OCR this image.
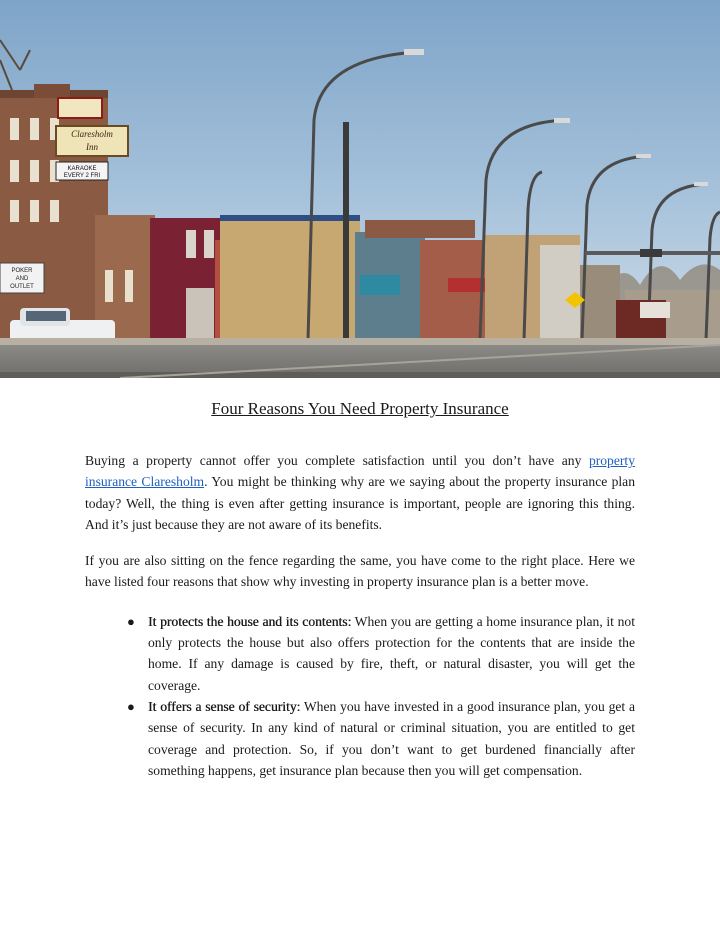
Claresholm
Inn
KARAOKE
EVERY 2 FRI
POKER
AND
OUTLET
Four Reasons You Need Property Insurance

Buying a property cannot offer you complete satisfaction until you don’t have any property insurance Claresholm. You might be thinking why are we saying about the property insurance plan today? Well, the thing is even after getting insurance is important, people are ignoring this thing. And it’s just because they are not aware of its benefits.

If you are also sitting on the fence regarding the same, you have come to the right place. Here we have listed four reasons that show why investing in property insurance plan is a better move.

● It protects the house and its contents: When you are getting a home insurance plan, it not only protects the house but also offers protection for the contents that are inside the home. If any damage is caused by fire, theft, or natural disaster, you will get the coverage.
● It offers a sense of security: When you have invested in a good insurance plan, you get a sense of security. In any kind of natural or criminal situation, you are entitled to get coverage and protection. So, if you don’t want to get burdened financially after something happens, get insurance plan because then you will get compensation.
